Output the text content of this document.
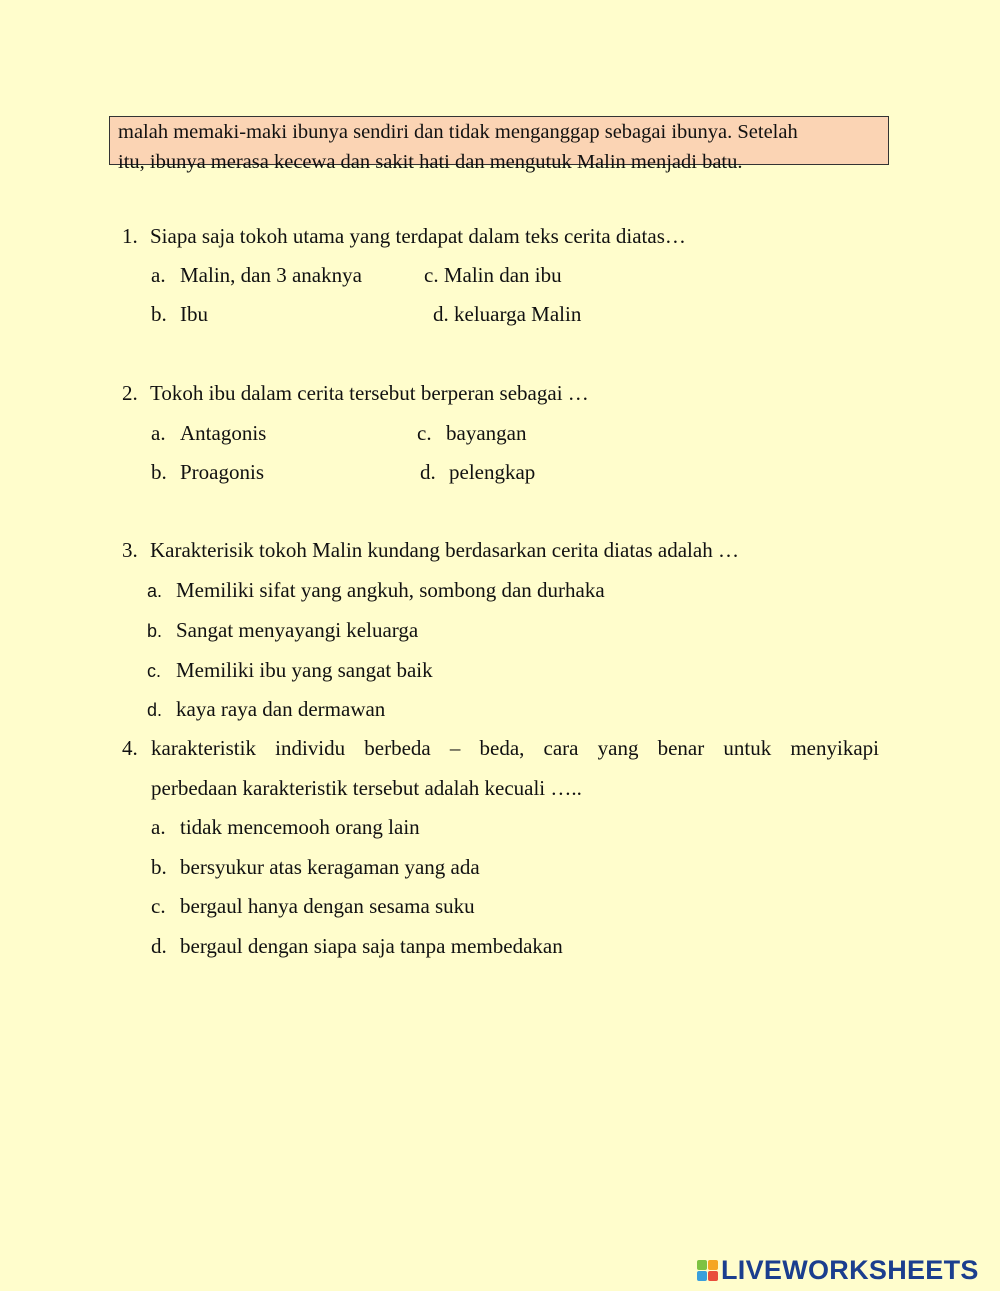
malah memaki-maki ibunya sendiri dan tidak menganggap sebagai ibunya. Setelah
itu, ibunya merasa kecewa dan sakit hati dan mengutuk Malin menjadi batu.
1. Siapa saja tokoh utama yang terdapat dalam teks cerita diatas…
a. Malin, dan 3 anaknya
b. Ibu
c. Malin dan ibu
d. keluarga Malin
2. Tokoh ibu dalam cerita tersebut berperan sebagai …
a. Antagonis
b. Proagonis
c. bayangan
d. pelengkap
3. Karakterisik tokoh Malin kundang berdasarkan cerita diatas adalah …
a. Memiliki sifat yang angkuh, sombong dan durhaka
b. Sangat menyayangi keluarga
c. Memiliki ibu yang sangat baik
d. kaya raya dan dermawan
4. karakteristik individu berbeda – beda, cara yang benar untuk menyikapi
perbedaan karakteristik tersebut adalah kecuali …..
a. tidak mencemooh orang lain
b. bersyukur atas keragaman yang ada
c. bergaul hanya dengan sesama suku
d. bergaul dengan siapa saja tanpa membedakan
LIVEWORKSHEETS
